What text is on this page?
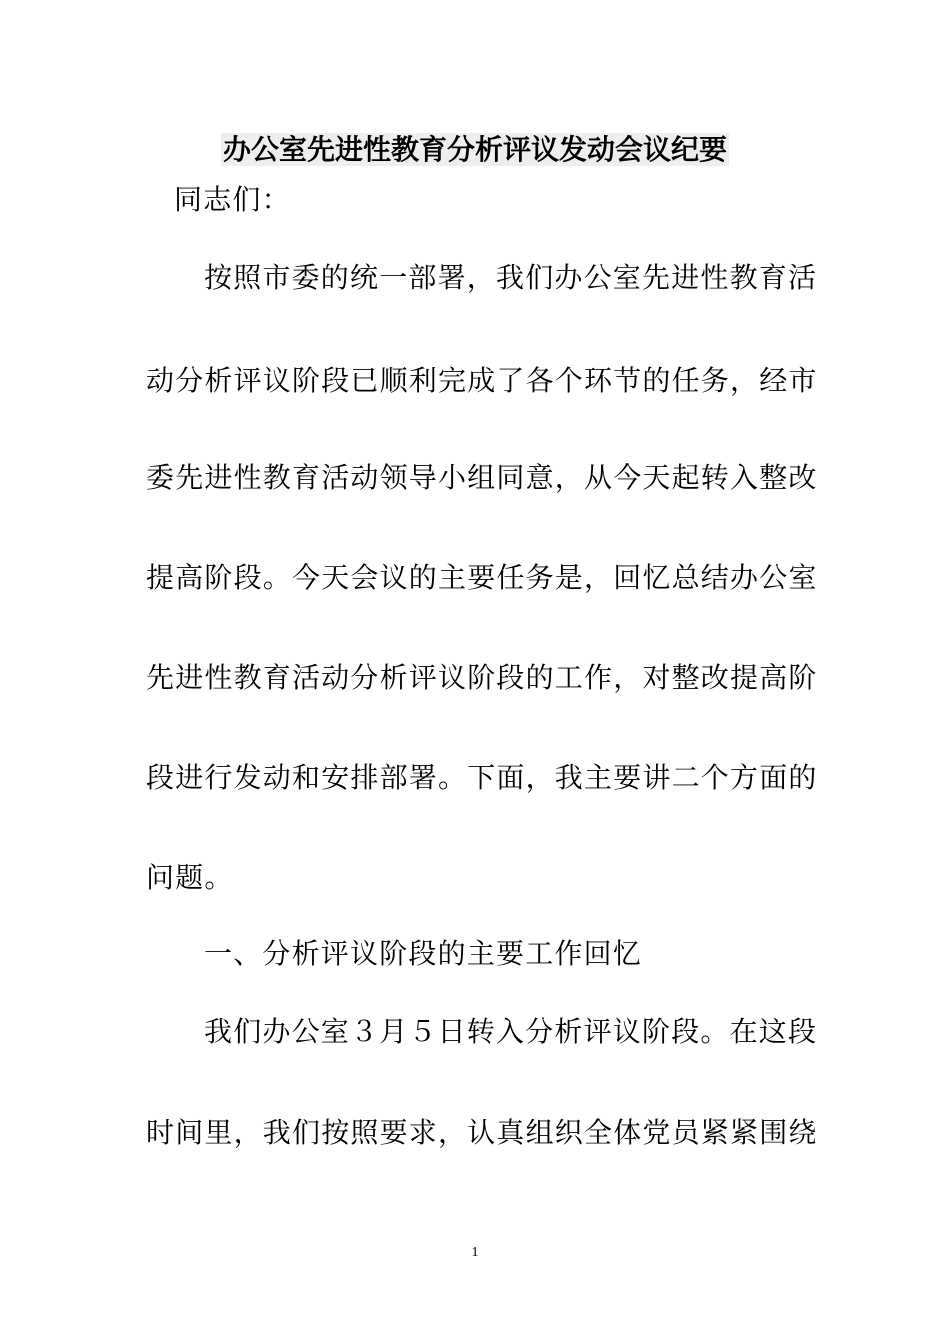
办公室先进性教育分析评议发动会议纪要
同志们：
按照市委的统一部署，我们办公室先进性教育活
动分析评议阶段已顺利完成了各个环节的任务，经市
委先进性教育活动领导小组同意，从今天起转入整改
提高阶段。今天会议的主要任务是，回忆总结办公室
先进性教育活动分析评议阶段的工作，对整改提高阶
段进行发动和安排部署。下面，我主要讲二个方面的
问题。
一、分析评议阶段的主要工作回忆
我们办公室３月５日转入分析评议阶段。在这段
时间里，我们按照要求，认真组织全体党员紧紧围绕
1
